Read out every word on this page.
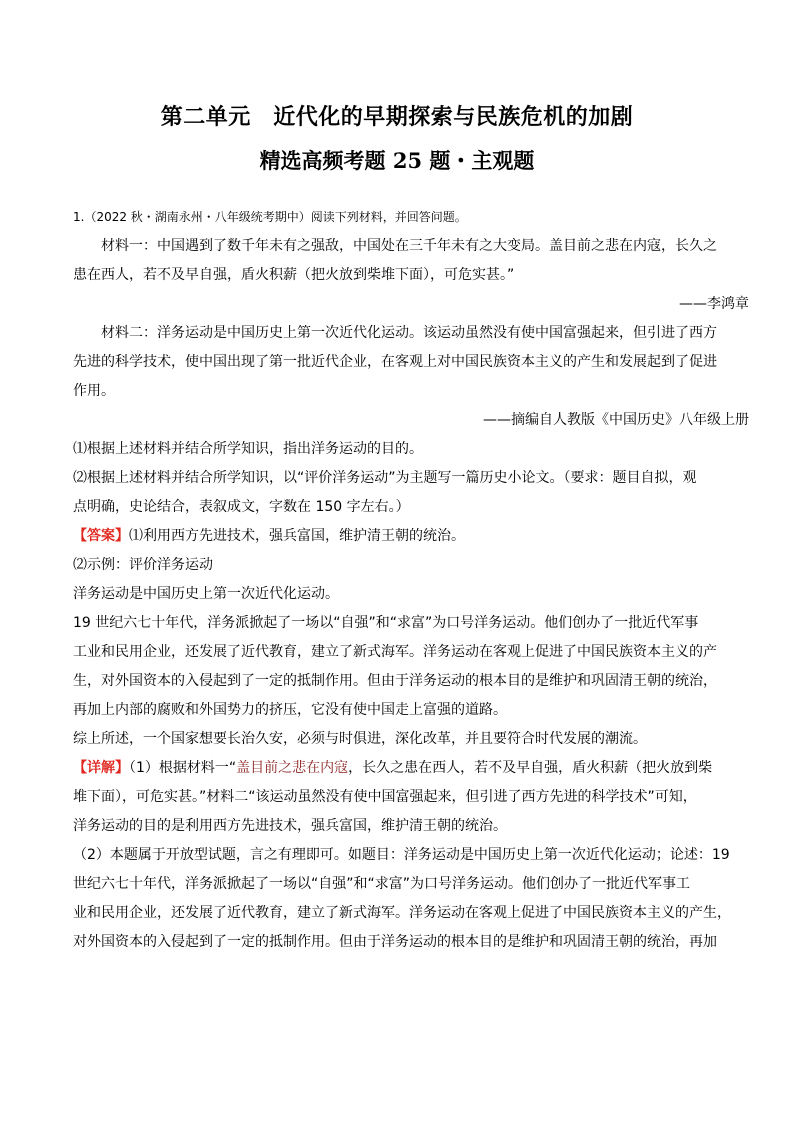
第二单元　近代化的早期探索与民族危机的加剧
精选高频考题 25 题・主观题
1.（2022 秋・湖南永州・八年级统考期中）阅读下列材料，并回答问题。
材料一：中国遇到了数千年未有之强敌，中国处在三千年未有之大变局。盖目前之悲在内寇，长久之
患在西人，若不及早自强，盾火积薪（把火放到柴堆下面），可危实甚。”
——李鸿章
材料二：洋务运动是中国历史上第一次近代化运动。该运动虽然没有使中国富强起来，但引进了西方
先进的科学技术，使中国出现了第一批近代企业，在客观上对中国民族资本主义的产生和发展起到了促进
作用。
——摘编自人教版《中国历史》八年级上册
⑴根据上述材料并结合所学知识，指出洋务运动的目的。
⑵根据上述材料并结合所学知识，以“评价洋务运动”为主题写一篇历史小论文。（要求：题目自拟，观
点明确，史论结合，表叙成文，字数在 150 字左右。）
【答案】⑴利用西方先进技术，强兵富国，维护清王朝的统治。
⑵示例：评价洋务运动
洋务运动是中国历史上第一次近代化运动。
19 世纪六七十年代，洋务派掀起了一场以“自强”和“求富”为口号洋务运动。他们创办了一批近代军事
工业和民用企业，还发展了近代教育，建立了新式海军。洋务运动在客观上促进了中国民族资本主义的产
生，对外国资本的入侵起到了一定的抵制作用。但由于洋务运动的根本目的是维护和巩固清王朝的统治，
再加上内部的腐败和外国势力的挤压，它没有使中国走上富强的道路。
综上所述，一个国家想要长治久安，必须与时俱进，深化改革，并且要符合时代发展的潮流。
【详解】（1）根据材料一“盖目前之悲在内寇，长久之患在西人，若不及早自强，盾火积薪（把火放到柴
堆下面），可危实甚。”材料二“该运动虽然没有使中国富强起来，但引进了西方先进的科学技术”可知，
洋务运动的目的是利用西方先进技术，强兵富国，维护清王朝的统治。
（2）本题属于开放型试题，言之有理即可。如题目：洋务运动是中国历史上第一次近代化运动；论述：19
世纪六七十年代，洋务派掀起了一场以“自强”和“求富”为口号洋务运动。他们创办了一批近代军事工
业和民用企业，还发展了近代教育，建立了新式海军。洋务运动在客观上促进了中国民族资本主义的产生，
对外国资本的入侵起到了一定的抵制作用。但由于洋务运动的根本目的是维护和巩固清王朝的统治，再加
